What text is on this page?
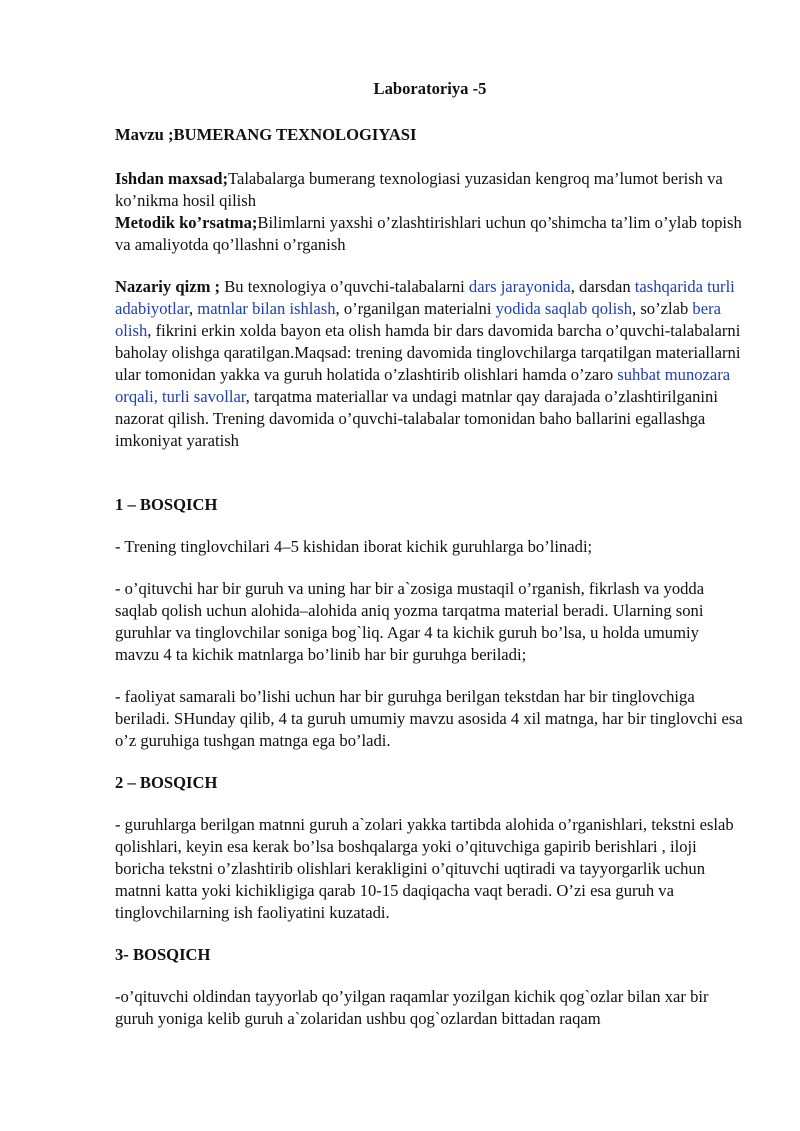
Laboratoriya -5

Mavzu ;BUMERANG TEXNOLOGIYASI

Ishdan maxsad;Talabalarga bumerang texnologiasi yuzasidan kengroq ma’lumot berish va ko’nikma hosil qilish

Metodik ko’rsatma;Bilimlarni yaxshi o’zlashtirishlari uchun qo’shimcha ta’lim o’ylab topish va amaliyotda qo’llashni o’rganish

Nazariy qizm ; Bu texnologiya o’quvchi-talabalarni dars jarayonida, darsdan tashqarida turli adabiyotlar, matnlar bilan ishlash, o’rganilgan materialni yodida saqlab qolish, so’zlab bera olish, fikrini erkin xolda bayon eta olish hamda bir dars davomida barcha o’quvchi-talabalarni baholay olishga qaratilgan.Maqsad: trening davomida tinglovchilarga tarqatilgan materiallarni ular tomonidan yakka va guruh holatida o’zlashtirib olishlari hamda o’zaro suhbat munozara orqali, turli savollar, tarqatma materiallar va undagi matnlar qay darajada o’zlashtirilganini nazorat qilish. Trening davomida o’quvchi-talabalar tomonidan baho ballarini egallashga imkoniyat yaratish

1 – BOSQICH

- Trening tinglovchilari 4–5 kishidan iborat kichik guruhlarga bo’linadi;

- o’qituvchi har bir guruh va uning har bir a`zosiga mustaqil o’rganish, fikrlash va yodda saqlab qolish uchun alohida–alohida aniq yozma tarqatma material beradi. Ularning soni guruhlar va tinglovchilar soniga bog`liq. Agar 4 ta kichik guruh bo’lsa, u holda umumiy mavzu 4 ta kichik matnlarga bo’linib har bir guruhga beriladi;

- faoliyat samarali bo’lishi uchun har bir guruhga berilgan tekstdan har bir tinglovchiga beriladi. SHunday qilib, 4 ta guruh umumiy mavzu asosida 4 xil matnga, har bir tinglovchi esa o’z guruhiga tushgan matnga ega bo’ladi.

2 – BOSQICH

- guruhlarga berilgan matnni guruh a`zolari yakka tartibda alohida o’rganishlari, tekstni eslab qolishlari, keyin esa kerak bo’lsa boshqalarga yoki o’qituvchiga gapirib berishlari , iloji boricha tekstni o’zlashtirib olishlari kerakligini o’qituvchi uqtiradi va tayyorgarlik uchun matnni katta yoki kichikligiga qarab 10-15 daqiqacha vaqt beradi. O’zi esa guruh va tinglovchilarning ish faoliyatini kuzatadi.

3- BOSQICH

-o’qituvchi oldindan tayyorlab qo’yilgan raqamlar yozilgan kichik qog`ozlar bilan xar bir guruh yoniga kelib guruh a`zolaridan ushbu qog`ozlardan bittadan raqam
